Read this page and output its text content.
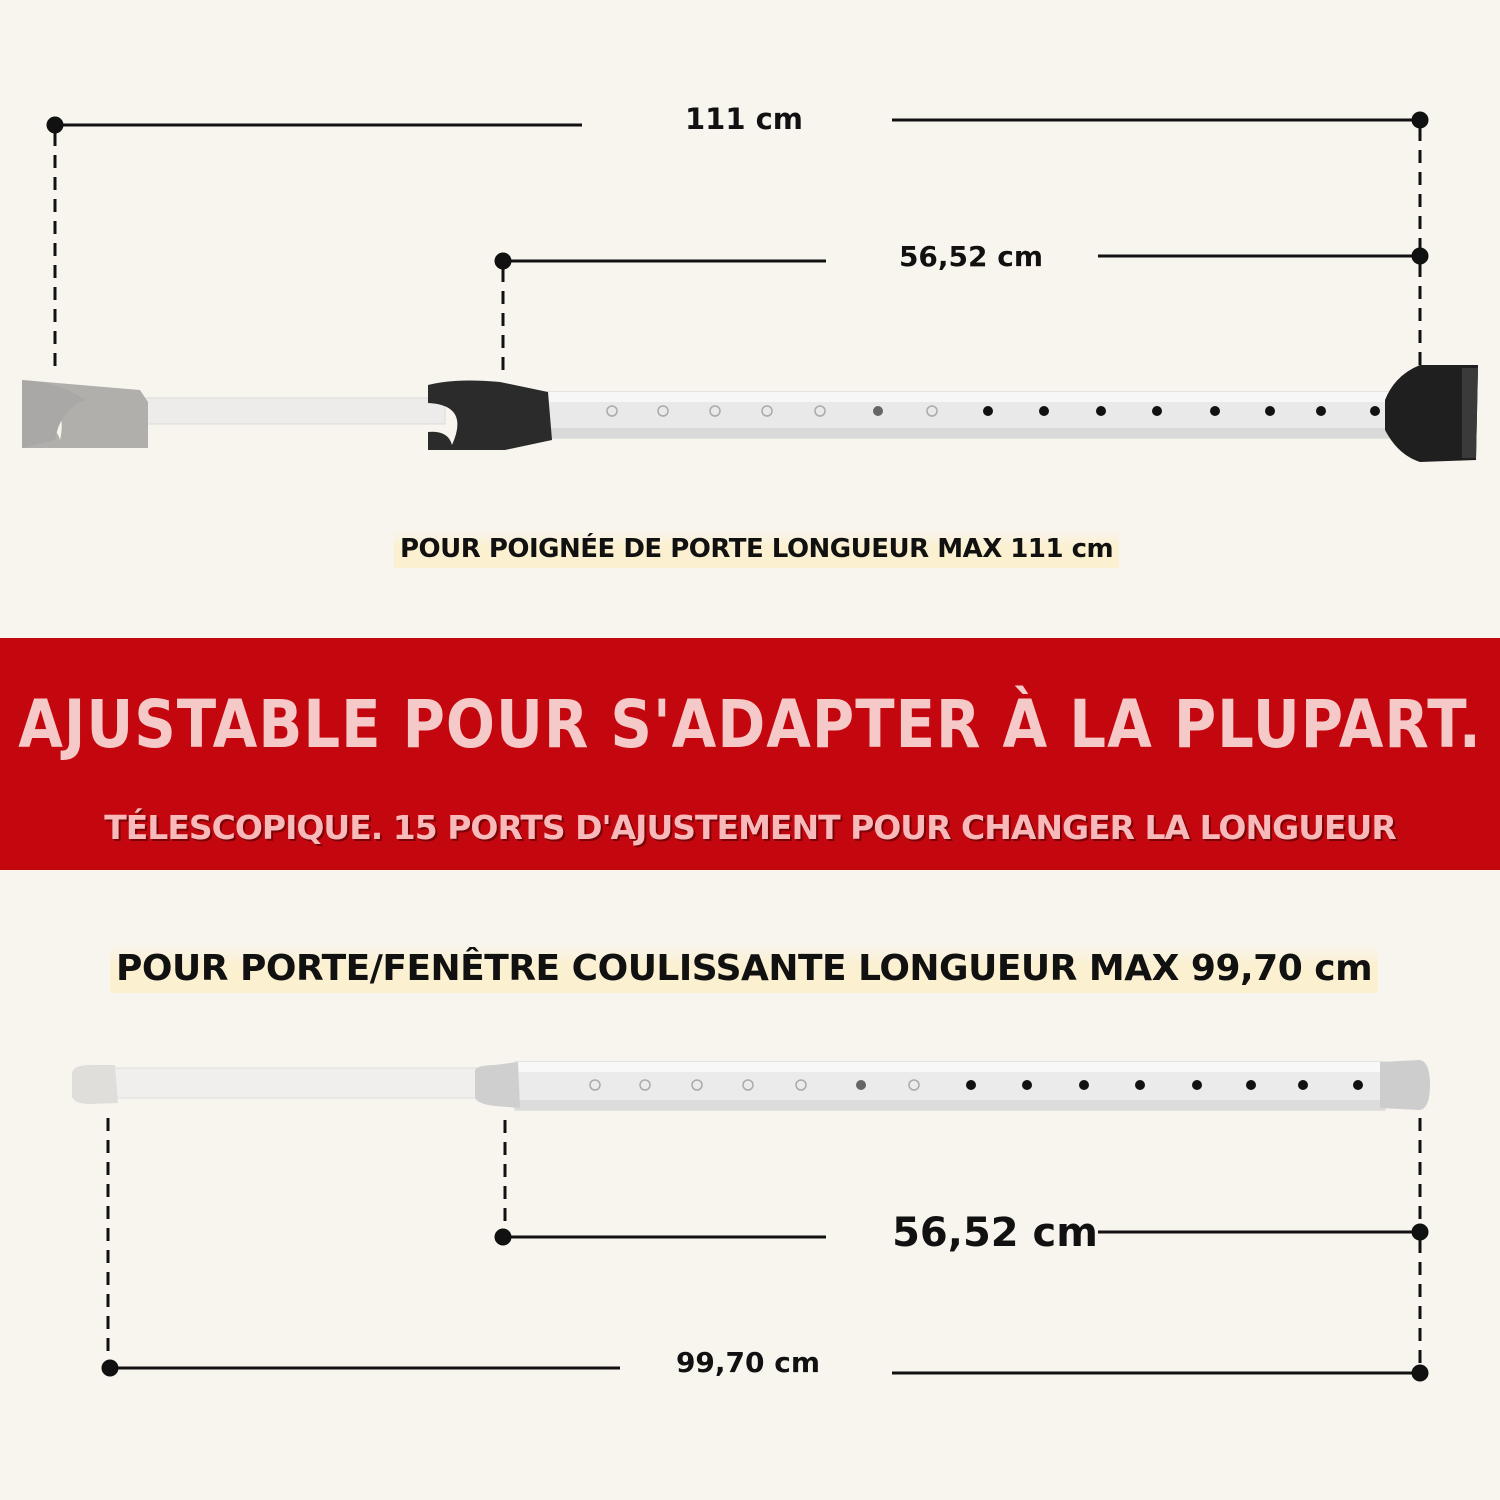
111 cm
56,52 cm
POUR POIGNÉE DE PORTE LONGUEUR MAX 111 cm
AJUSTABLE POUR S'ADAPTER À LA PLUPART.
TÉLESCOPIQUE. 15 PORTS D'AJUSTEMENT POUR CHANGER LA LONGUEUR
POUR PORTE/FENÊTRE COULISSANTE LONGUEUR MAX 99,70 cm
56,52 cm
99,70 cm
